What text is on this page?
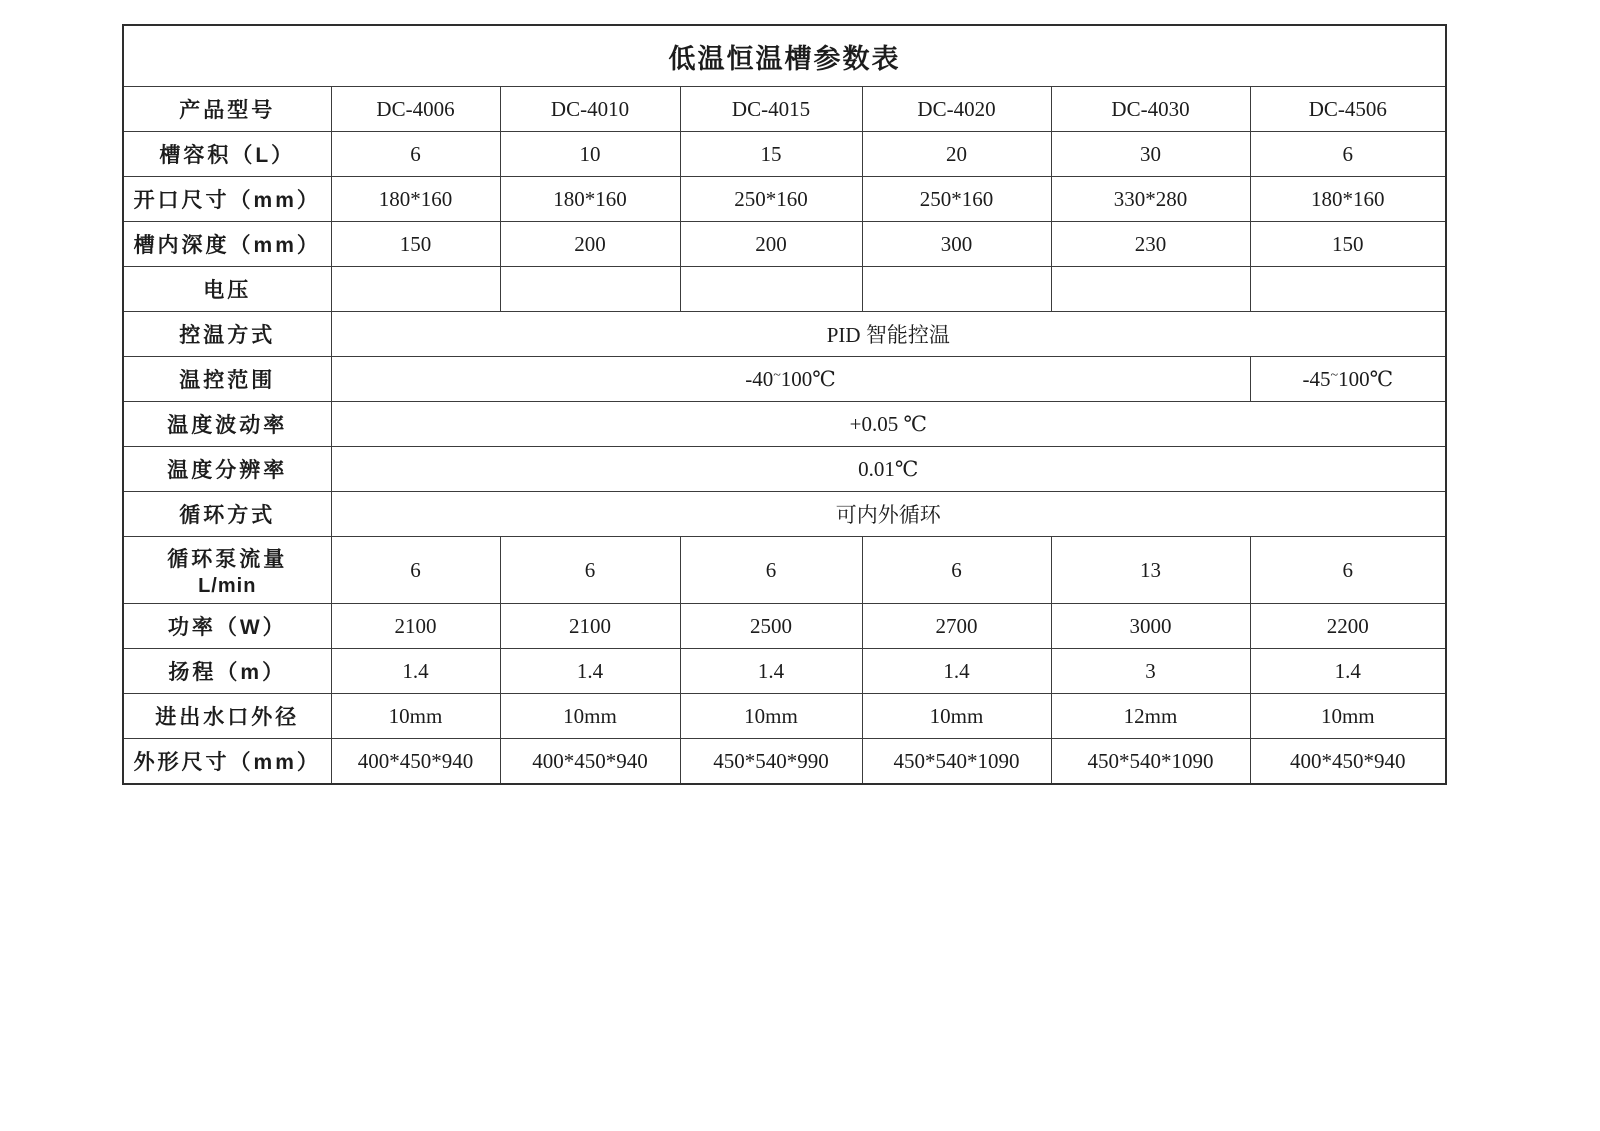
低温恒温槽参数表						
产品型号	DC-4006	DC-4010	DC-4015	DC-4020	DC-4030	DC-4506
槽容积（L）	6	10	15	20	30	6
开口尺寸（mm）	180*160	180*160	250*160	250*160	330*280	180*160
槽内深度（mm）	150	200	200	300	230	150
电压						
控温方式	PID 智能控温					
温控范围	-40~100℃					-45~100℃
温度波动率	+0.05 ℃					
温度分辨率	0.01℃					
循环方式	可内外循环					

循环泵流量
L/min	6	6	6	6	13	6
功率（W）	2100	2100	2500	2700	3000	2200
扬程（m）	1.4	1.4	1.4	1.4	3	1.4
进出水口外径	10mm	10mm	10mm	10mm	12mm	10mm
外形尺寸（mm）	400*450*940	400*450*940	450*540*990	450*540*1090	450*540*1090	400*450*940
